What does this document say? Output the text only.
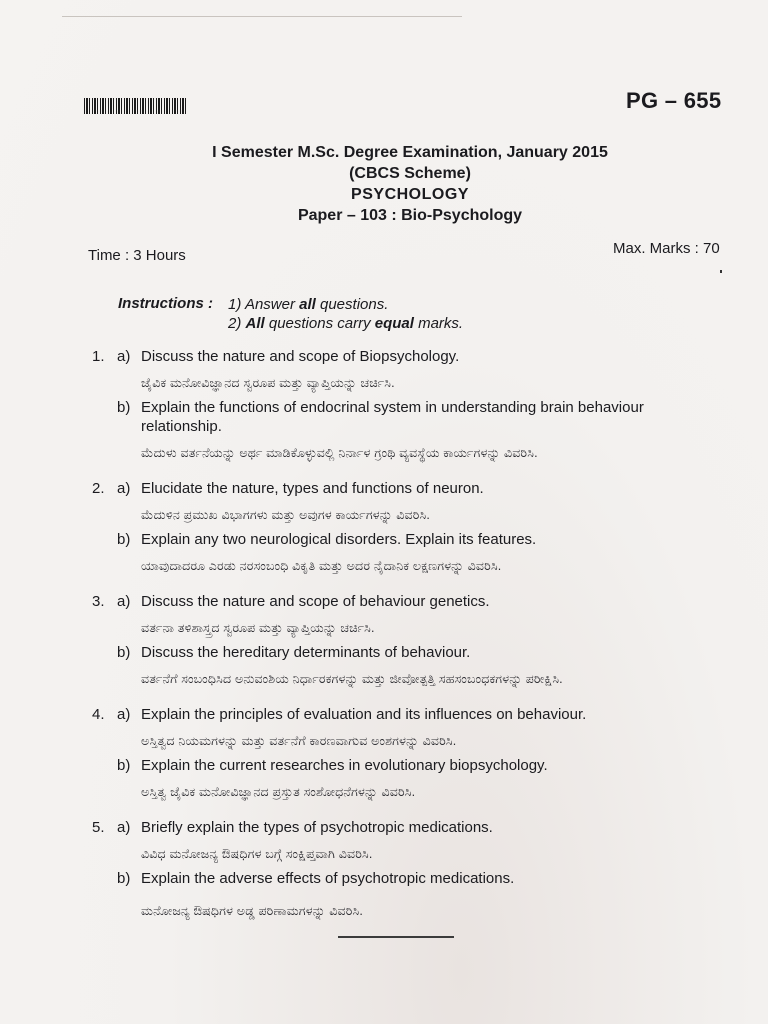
PG – 655
I Semester M.Sc. Degree Examination, January 2015
(CBCS Scheme)
PSYCHOLOGY
Paper – 103 : Bio-Psychology
Time : 3 Hours	Max. Marks : 70
Instructions : 1) Answer all questions.
2) All questions carry equal marks.
1. a) Discuss the nature and scope of Biopsychology.
ಜೈವಿಕ ಮನೋವಿಜ್ಞಾನದ ಸ್ವರೂಪ ಮತ್ತು ವ್ಯಾಪ್ತಿಯನ್ನು ಚರ್ಚಿಸಿ.
b) Explain the functions of endocrinal system in understanding brain behaviour relationship.
ಮೆದುಳು ವರ್ತನೆಯನ್ನು ಅರ್ಥ ಮಾಡಿಕೊಳ್ಳುವಲ್ಲಿ ನಿರ್ನಾಳ ಗ್ರಂಥಿ ವ್ಯವಸ್ಥೆಯ ಕಾರ್ಯಗಳನ್ನು ವಿವರಿಸಿ.
2. a) Elucidate the nature, types and functions of neuron.
ಮೆದುಳಿನ ಪ್ರಮುಖ ವಿಭಾಗಗಳು ಮತ್ತು ಅವುಗಳ ಕಾರ್ಯಗಳನ್ನು ವಿವರಿಸಿ.
b) Explain any two neurological disorders. Explain its features.
ಯಾವುದಾದರೂ ಎರಡು ನರಸಂಬಂಧಿ ವಿಕೃತಿ ಮತ್ತು ಅದರ ನೈದಾನಿಕ ಲಕ್ಷಣಗಳನ್ನು ವಿವರಿಸಿ.
3. a) Discuss the nature and scope of behaviour genetics.
ವರ್ತನಾ ತಳಿಶಾಸ್ತ್ರದ ಸ್ವರೂಪ ಮತ್ತು ವ್ಯಾಪ್ತಿಯನ್ನು ಚರ್ಚಿಸಿ.
b) Discuss the hereditary determinants of behaviour.
ವರ್ತನೆಗೆ ಸಂಬಂಧಿಸಿದ ಅನುವಂಶಿಯ ನಿರ್ಧಾರಕಗಳನ್ನು ಮತ್ತು ಜೀವೋತ್ಪತ್ತಿ ಸಹಸಂಬಂಧಕಗಳನ್ನು ಪರೀಕ್ಷಿಸಿ.
4. a) Explain the principles of evaluation and its influences on behaviour.
ಅಸ್ತಿತ್ವದ ನಿಯಮಗಳನ್ನು ಮತ್ತು ವರ್ತನೆಗೆ ಕಾರಣವಾಗುವ ಅಂಶಗಳನ್ನು ವಿವರಿಸಿ.
b) Explain the current researches in evolutionary biopsychology.
ಅಸ್ತಿತ್ವ ಜೈವಿಕ ಮನೋವಿಜ್ಞಾನದ ಪ್ರಸ್ತುತ ಸಂಶೋಧನೆಗಳನ್ನು ವಿವರಿಸಿ.
5. a) Briefly explain the types of psychotropic medications.
ವಿವಿಧ ಮನೋಜನ್ಯ ಔಷಧಿಗಳ ಬಗ್ಗೆ ಸಂಕ್ಷಿಪ್ತವಾಗಿ ವಿವರಿಸಿ.
b) Explain the adverse effects of psychotropic medications.
ಮನೋಜನ್ಯ ಔಷಧಿಗಳ ಅಡ್ಡ ಪರಿಣಾಮಗಳನ್ನು ವಿವರಿಸಿ.
